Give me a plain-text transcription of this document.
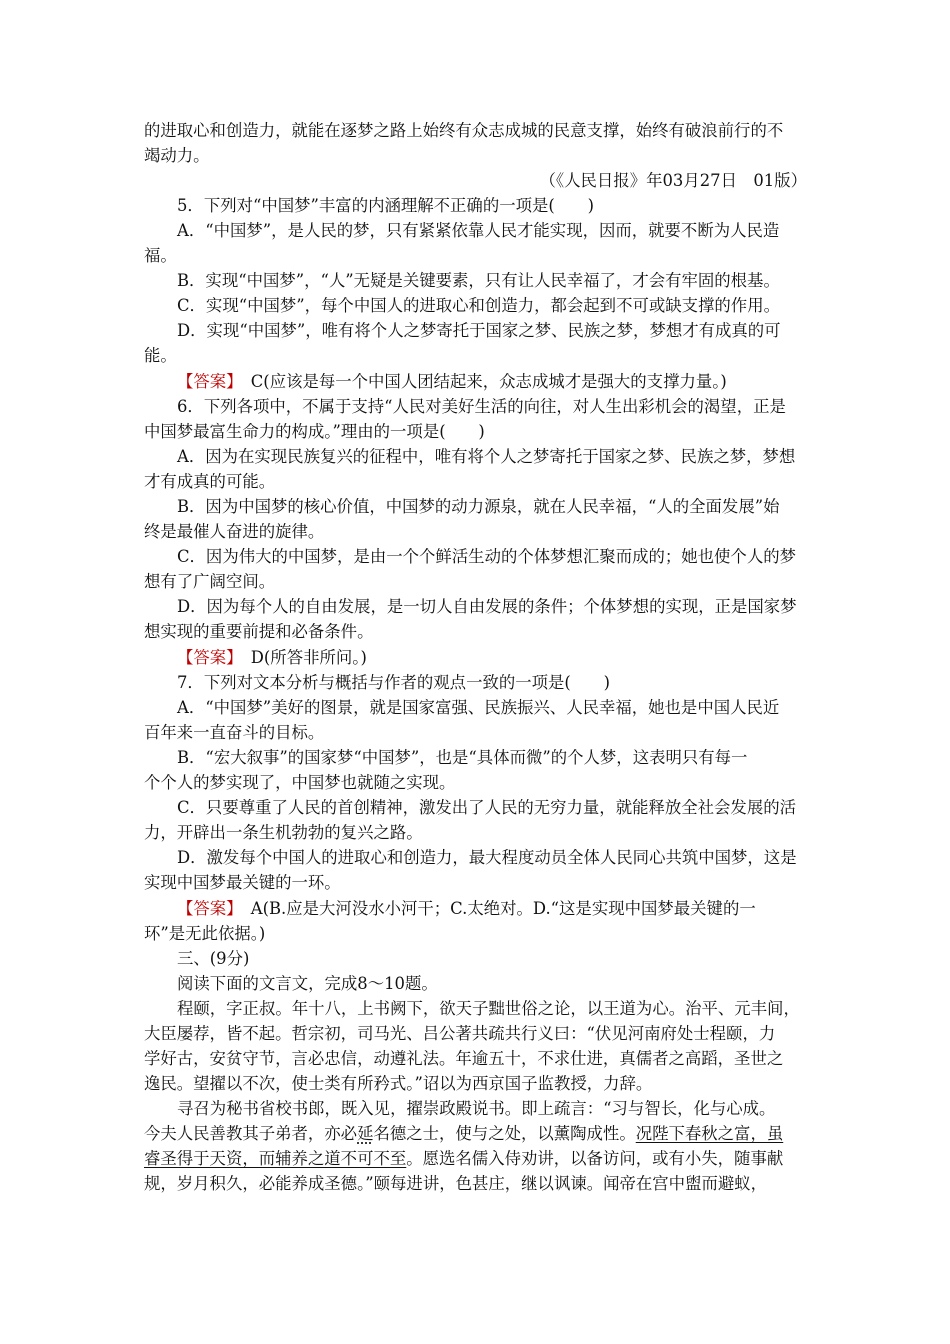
的进取心和创造力，就能在逐梦之路上始终有众志成城的民意支撑，始终有破浪前行的不
竭动力。
（《人民日报》年03月27日　01版）
5．下列对“中国梦”丰富的内涵理解不正确的一项是(　　)
A．“中国梦”，是人民的梦，只有紧紧依靠人民才能实现，因而，就要不断为人民造
福。
B．实现“中国梦”，“人”无疑是关键要素，只有让人民幸福了，才会有牢固的根基。
C．实现“中国梦”，每个中国人的进取心和创造力，都会起到不可或缺支撑的作用。
D．实现“中国梦”，唯有将个人之梦寄托于国家之梦、民族之梦，梦想才有成真的可
能。
【答案】　C(应该是每一个中国人团结起来，众志成城才是强大的支撑力量。)
6．下列各项中，不属于支持“人民对美好生活的向往，对人生出彩机会的渴望，正是
中国梦最富生命力的构成。”理由的一项是(　　)
A．因为在实现民族复兴的征程中，唯有将个人之梦寄托于国家之梦、民族之梦，梦想
才有成真的可能。
B．因为中国梦的核心价值，中国梦的动力源泉，就在人民幸福，“人的全面发展”始
终是最催人奋进的旋律。
C．因为伟大的中国梦，是由一个个鲜活生动的个体梦想汇聚而成的；她也使个人的梦
想有了广阔空间。
D．因为每个人的自由发展，是一切人自由发展的条件；个体梦想的实现，正是国家梦
想实现的重要前提和必备条件。
【答案】　D(所答非所问。)
7．下列对文本分析与概括与作者的观点一致的一项是(　　)
A．“中国梦”美好的图景，就是国家富强、民族振兴、人民幸福，她也是中国人民近
百年来一直奋斗的目标。
B．“宏大叙事”的国家梦“中国梦”，也是“具体而微”的个人梦，这表明只有每一
个个人的梦实现了，中国梦也就随之实现。
C．只要尊重了人民的首创精神，激发出了人民的无穷力量，就能释放全社会发展的活
力，开辟出一条生机勃勃的复兴之路。
D．激发每个中国人的进取心和创造力，最大程度动员全体人民同心共筑中国梦，这是
实现中国梦最关键的一环。
【答案】　A(B.应是大河没水小河干；C.太绝对。D.“这是实现中国梦最关键的一
环”是无此依据。)
三、(9分)
阅读下面的文言文，完成8～10题。
程颐，字正叔。年十八，上书阙下，欲天子黜世俗之论，以王道为心。治平、元丰间，
大臣屡荐，皆不起。哲宗初，司马光、吕公著共疏共行义曰：“伏见河南府处士程颐，力
学好古，安贫守节，言必忠信，动遵礼法。年逾五十，不求仕进，真儒者之高蹈，圣世之
逸民。望擢以不次，使士类有所矜式。”诏以为西京国子监教授，力辞。
寻召为秘书省校书郎，既入见，擢崇政殿说书。即上疏言：“习与智长，化与心成。
今夫人民善教其子弟者，亦必延名德之士，使与之处，以薰陶成性。况陛下春秋之富，虽
睿圣得于天资，而辅养之道不可不至。愿选名儒入侍劝讲，以备访问，或有小失，随事献
规，岁月积久，必能养成圣德。”颐每进讲，色甚庄，继以讽谏。闻帝在宫中盥而避蚁，
